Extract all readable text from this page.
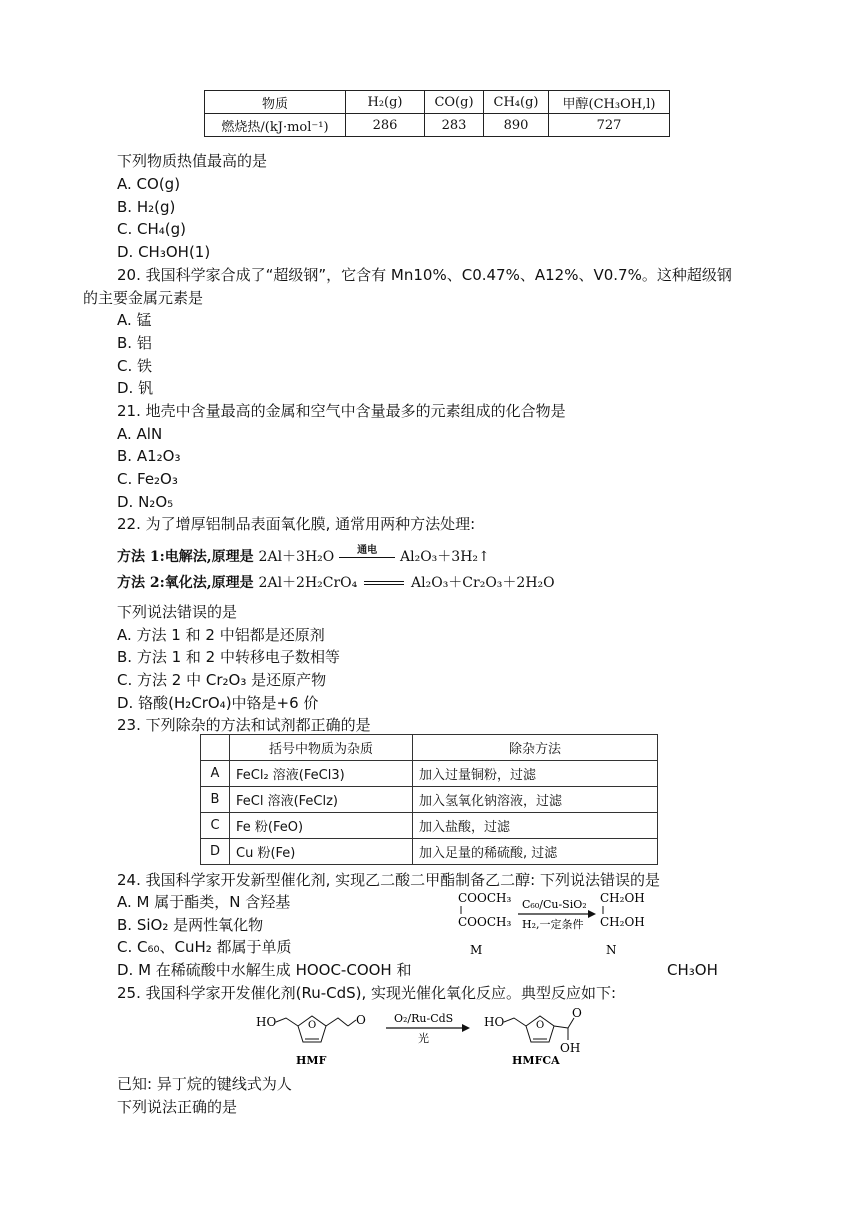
物质	H₂(g)	CO(g)	CH₄(g)	甲醇(CH₃OH,l)
燃烧热/(kJ·mol⁻¹)	286	283	890	727
下列物质热值最高的是
A. CO(g)
B. H₂(g)
C. CH₄(g)
D. CH₃OH(1)
20. 我国科学家合成了“超级钢”，它含有 Mn10%、C0.47%、A12%、V0.7%。这种超级钢
的主要金属元素是
A. 锰
B. 铝
C. 铁
D. 钒
21. 地壳中含量最高的金属和空气中含量最多的元素组成的化合物是
A. AlN
B. A1₂O₃
C. Fe₂O₃
D. N₂O₅
22. 为了增厚铝制品表面氧化膜, 通常用两种方法处理:
方法 1:电解法,原理是 2Al＋3H₂O	通电	Al₂O₃＋3H₂↑
方法 2:氧化法,原理是 2Al＋2H₂CrO₄	Al₂O₃＋Cr₂O₃＋2H₂O
下列说法错误的是
A. 方法 1 和 2 中铝都是还原剂
B. 方法 1 和 2 中转移电子数相等
C. 方法 2 中 Cr₂O₃ 是还原产物
D. 铬酸(H₂CrO₄)中铬是+6 价
23. 下列除杂的方法和试剂都正确的是
	括号中物质为杂质	除杂方法
A	FeCl₂ 溶液(FeCl3)	加入过量铜粉，过滤
B	FeCl 溶液(FeClz)	加入氢氧化钠溶液，过滤
C	Fe 粉(FeO)	加入盐酸，过滤
D	Cu 粉(Fe)	加入足量的稀硫酸, 过滤
24. 我国科学家开发新型催化剂, 实现乙二酸二甲酯制备乙二醇: 下列说法错误的是
A. M 属于酯类，N 含羟基
B. SiO₂ 是两性氧化物
C. C₆₀、CuH₂ 都属于单质
D. M 在稀硫酸中水解生成 HOOC-COOH 和	CH₃OH
COOCH₃
COOCH₃
C₆₀/Cu-SiO₂
H₂,一定条件
CH₂OH
CH₂OH
M	N
25. 我国科学家开发催化剂(Ru-CdS), 实现光催化氧化反应。典型反应如下:
HO	O	O
HMF
O₂/Ru-CdS
光
HO	O
O
OH
HMFCA
已知: 异丁烷的键线式为人
下列说法正确的是
